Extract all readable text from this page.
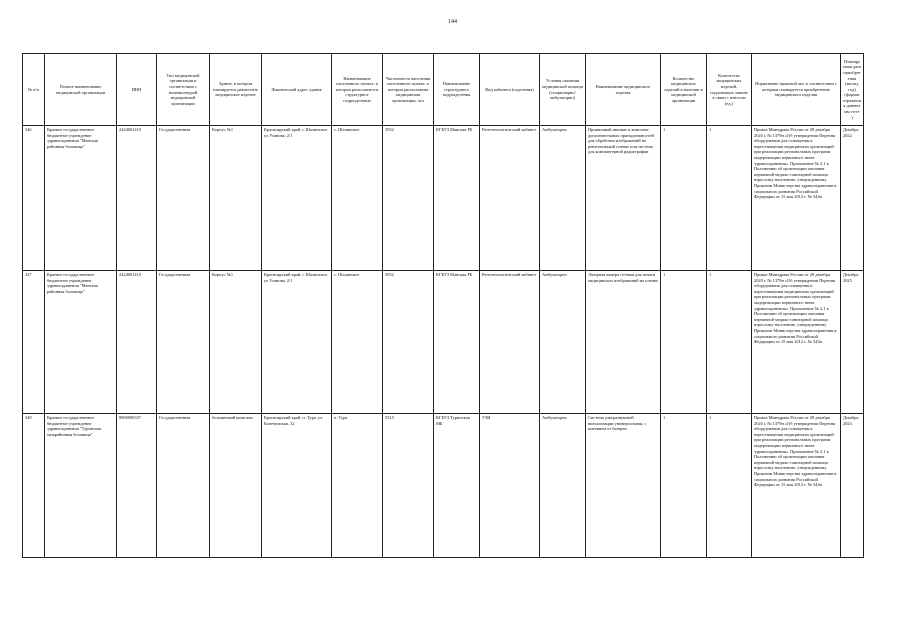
144
№ п/п	Полное наименование медицинской организации	ИНН	Тип медицинской организации в соответствии с номенклатурой медицинской организации	Здание, в котором планируется разместить медицинское изделие	Фактический адрес здания	Наименование населенного пункта, в котором располагается структурное подразделение	Численность населения населенного пункта, в котором расположена медицинская организация, чел	Наименование структурного подразделения	Вид кабинета (отделения)	Условия оказания медицинской помощи (стационарно/ амбулаторно)	Наименование медицинского изделия	Количество медицинских изделий в наличии в медицинской организации	Количество медицинских изделий, подлежащих замене в связи с износом (ед.)	Нормативно-правовой акт, в соответствии с которым планируется приобретение медицинского изделия	Планируемая дата приобретения (месяц, год) (формат отражения данных мм ггггг )
346	Краевое государственное бюджетное учреждение здравоохранения "Манская районная больница"	2424001410	Государственная	Корпус №1	Красноярский край, с Шалинское, ул Уланова, 2/1	с. Шалинское	3932	КГБУЗ Манская РБ	Рентгенологический кабинет	Амбулаторно	Проявочный автомат и комплект дополнительных принадлежностей для обработки изображений на рентгеновской пленке или система для компьютерной радиографии	1	1	Приказ Минздрава России от 28 декабря 2020 г. № 1379н «Об утверждении Перечня оборудования для оснащения и переоснащения медицинских организаций при реализации региональных программ модернизации первичного звена здравоохранения». Приложение № 2.1 к Положению об организации оказания первичной медико-санитарной помощи взрослому населению, утвержденному Приказом Министерства здравоохранения и социального развития Российской Федерации от 15 мая 2012 г. № 543н	Декабрь 2022
347	Краевое государственное бюджетное учреждение здравоохранения "Манская районная больница"	2424001410	Государственная	Корпус №1	Красноярский край, с Шалинское, ул Уланова, 2/1	с. Шалинское	3932	КГБУЗ Манская РБ	Рентгенологический кабинет	Амбулаторно	Лазерная камера сетевая для печати медицинских изображений на пленке	1	1	Приказ Минздрава России от 28 декабря 2020 г. № 1379н «Об утверждении Перечня оборудования для оснащения и переоснащения медицинских организаций при реализации региональных программ модернизации первичного звена здравоохранения». Приложение № 2.1 к Положению об организации оказания первичной медико-санитарной помощи взрослому населению, утвержденному Приказом Министерства здравоохранения и социального развития Российской Федерации от 15 мая 2012 г. № 543н	Декабрь 2025
349	Краевое государственное бюджетное учреждение здравоохранения "Туринская межрайонная больница"	8800000357	Государственная	больничный комплекс	Красноярский край, п. Тура, ул. Кочечумская, 32	п. Тура	5515	КГБУЗ Туринская МБ	УЗИ	Амбулаторно	Система ультразвуковой визуализации универсальная, с питанием от батареи	1	1	Приказ Минздрава России от 28 декабря 2020 г. № 1379н «Об утверждении Перечня оборудования для оснащения и переоснащения медицинских организаций при реализации региональных программ модернизации первичного звена здравоохранения». Приложение № 2.1 к Положению об организации оказания первичной медико-санитарной помощи взрослому населению, утвержденному Приказом Министерства здравоохранения и социального развития Российской Федерации от 15 мая 2012 г. № 543н	Декабрь 2023
